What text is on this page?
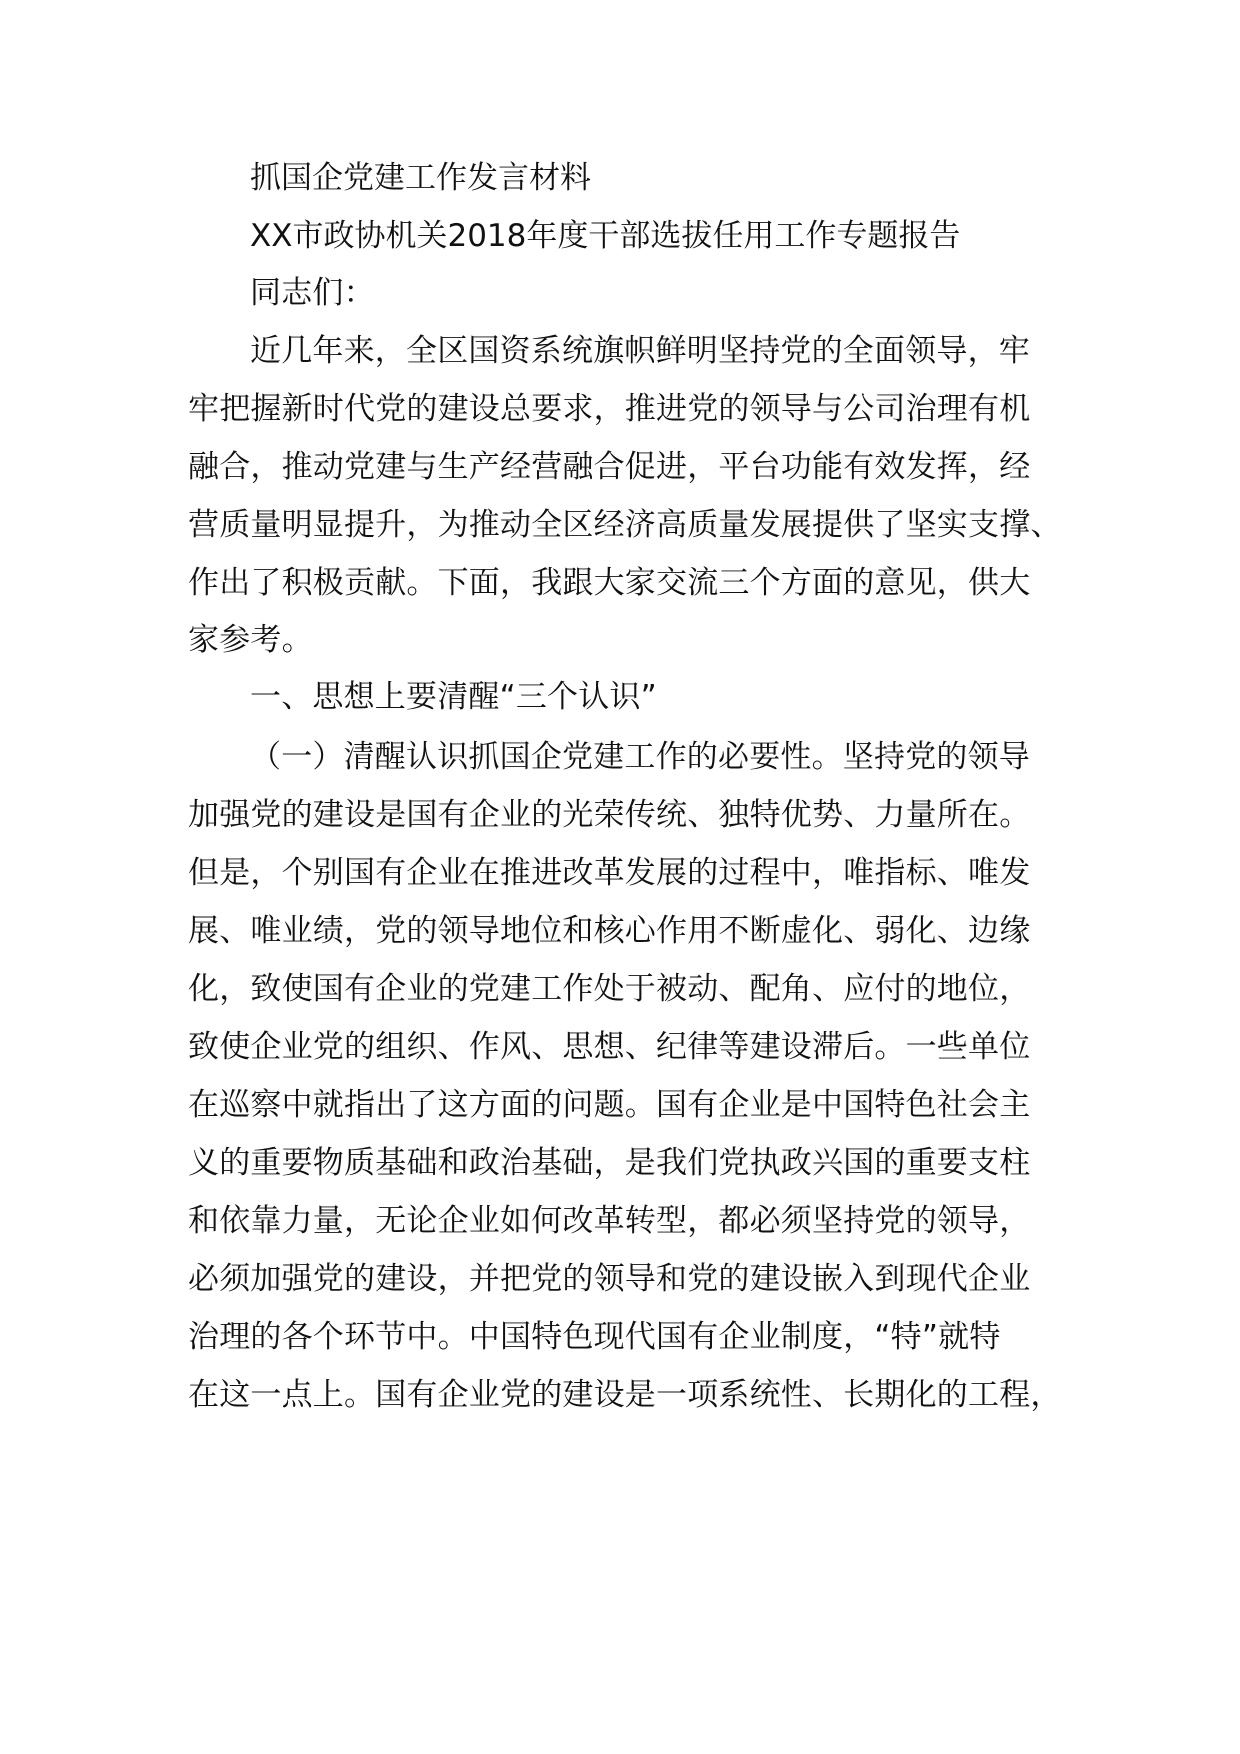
抓国企党建工作发言材料

XX市政协机关2018年度干部选拔任用工作专题报告

同志们：

近几年来，全区国资系统旗帜鲜明坚持党的全面领导，牢

牢把握新时代党的建设总要求，推进党的领导与公司治理有机

融合，推动党建与生产经营融合促进，平台功能有效发挥，经

营质量明显提升，为推动全区经济高质量发展提供了坚实支撑、

作出了积极贡献。下面，我跟大家交流三个方面的意见，供大

家参考。

一、思想上要清醒“三个认识”

（一）清醒认识抓国企党建工作的必要性。坚持党的领导

加强党的建设是国有企业的光荣传统、独特优势、力量所在。

但是，个别国有企业在推进改革发展的过程中，唯指标、唯发

展、唯业绩，党的领导地位和核心作用不断虚化、弱化、边缘

化，致使国有企业的党建工作处于被动、配角、应付的地位，

致使企业党的组织、作风、思想、纪律等建设滞后。一些单位

在巡察中就指出了这方面的问题。国有企业是中国特色社会主

义的重要物质基础和政治基础，是我们党执政兴国的重要支柱

和依靠力量，无论企业如何改革转型，都必须坚持党的领导，

必须加强党的建设，并把党的领导和党的建设嵌入到现代企业

治理的各个环节中。中国特色现代国有企业制度，“特”就特

在这一点上。国有企业党的建设是一项系统性、长期化的工程，
